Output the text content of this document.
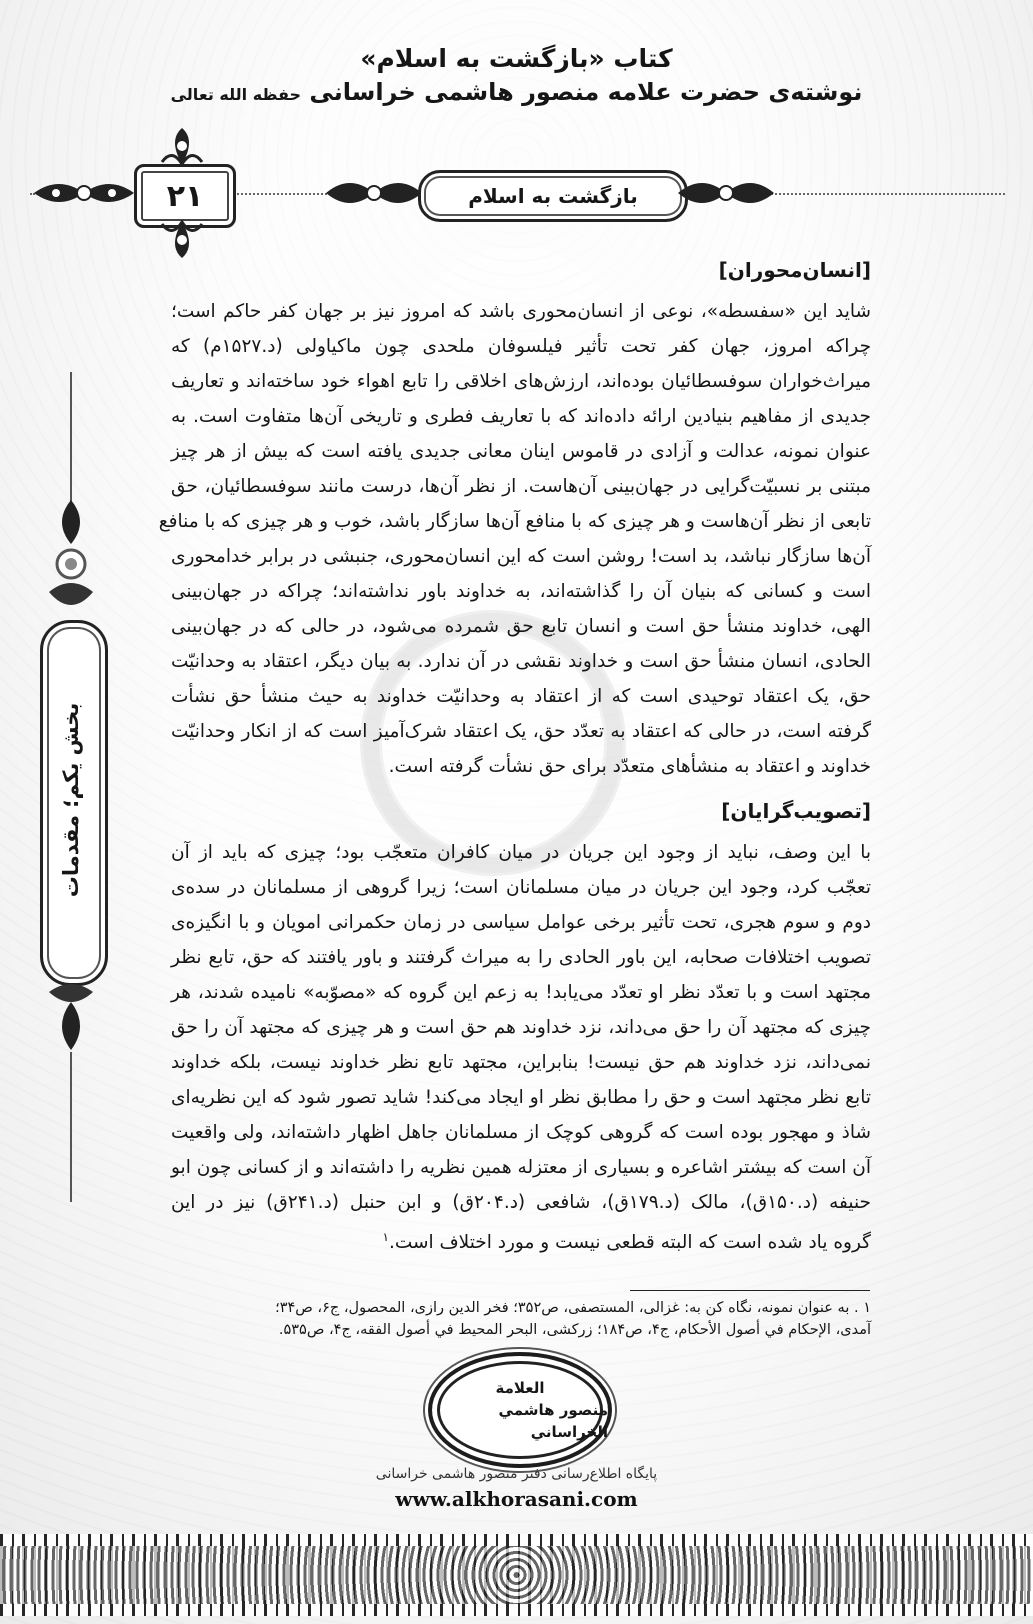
کتاب «بازگشت به اسلام»
نوشته‌ی حضرت علامه منصور هاشمی خراسانی حفظه الله تعالی
۲۱	بازگشت به اسلام
بخش یکم؛ مقدمات

[انسان‌محوران]

شاید این «سفسطه»، نوعی از انسان‌محوری باشد که امروز نیز بر جهان کفر حاکم است؛
چراکه امروز، جهان کفر تحت تأثیر فیلسوفان ملحدی چون ماکیاولی (د.۱۵۲۷م) که
میراث‌خواران سوفسطائیان بوده‌اند، ارزش‌های اخلاقی را تابع اهواء خود ساخته‌اند و تعاریف
جدیدی از مفاهیم بنیادین ارائه داده‌اند که با تعاریف فطری و تاریخی آن‌ها متفاوت است. به
عنوان نمونه، عدالت و آزادی در قاموس اینان معانی جدیدی یافته است که بیش از هر چیز
مبتنی بر نسبیّت‌گرایی در جهان‌بینی آن‌هاست. از نظر آن‌ها، درست مانند سوفسطائیان، حق
تابعی از نظر آن‌هاست و هر چیزی که با منافع آن‌ها سازگار باشد، خوب و هر چیزی که با منافع
آن‌ها سازگار نباشد، بد است! روشن است که این انسان‌محوری، جنبشی در برابر خدامحوری
است و کسانی که بنیان آن را گذاشته‌اند، به خداوند باور نداشته‌اند؛ چراکه در جهان‌بینی
الهی، خداوند منشأ حق است و انسان تابع حق شمرده می‌شود، در حالی که در جهان‌بینی
الحادی، انسان منشأ حق است و خداوند نقشی در آن ندارد. به بیان دیگر، اعتقاد به وحدانیّت
حق، یک اعتقاد توحیدی است که از اعتقاد به وحدانیّت خداوند به حیث منشأ حق نشأت
گرفته است، در حالی که اعتقاد به تعدّد حق، یک اعتقاد شرک‌آمیز است که از انکار وحدانیّت
خداوند و اعتقاد به منشأهای متعدّد برای حق نشأت گرفته است.

[تصویب‌گرایان]

با این وصف، نباید از وجود این جریان در میان کافران متعجّب بود؛ چیزی که باید از آن
تعجّب کرد، وجود این جریان در میان مسلمانان است؛ زیرا گروهی از مسلمانان در سده‌ی
دوم و سوم هجری، تحت تأثیر برخی عوامل سیاسی در زمان حکمرانی امویان و با انگیزه‌ی
تصویب اختلافات صحابه، این باور الحادی را به میراث گرفتند و باور یافتند که حق، تابع نظر
مجتهد است و با تعدّد نظر او تعدّد می‌یابد! به زعم این گروه که «مصوّبه» نامیده شدند، هر
چیزی که مجتهد آن را حق می‌داند، نزد خداوند هم حق است و هر چیزی که مجتهد آن را حق
نمی‌داند، نزد خداوند هم حق نیست! بنابراین، مجتهد تابع نظر خداوند نیست، بلکه خداوند
تابع نظر مجتهد است و حق را مطابق نظر او ایجاد می‌کند! شاید تصور شود که این نظریه‌ای
شاذ و مهجور بوده است که گروهی کوچک از مسلمانان جاهل اظهار داشته‌اند، ولی واقعیت
آن است که بیشتر اشاعره و بسیاری از معتزله همین نظریه را داشته‌اند و از کسانی چون ابو
حنیفه (د.۱۵۰ق)، مالک (د.۱۷۹ق)، شافعی (د.۲۰۴ق) و ابن حنبل (د.۲۴۱ق) نیز در این
گروه یاد شده است که البته قطعی نیست و مورد اختلاف است.$^۱$

۱ . به عنوان نمونه، نگاه کن به: غزالی، المستصفی، ص۳۵۲؛ فخر الدین رازی، المحصول، ج۶، ص۳۴؛
آمدی، الإحکام في أصول الأحکام، ج۴، ص۱۸۴؛ زرکشی، البحر المحیط في أصول الفقه، ج۴، ص۵۳۵.
العلامة
منصور هاشمي الخراساني
پایگاه اطلاع‌رسانی دفتر منصور هاشمی خراسانی
www.alkhorasani.com
